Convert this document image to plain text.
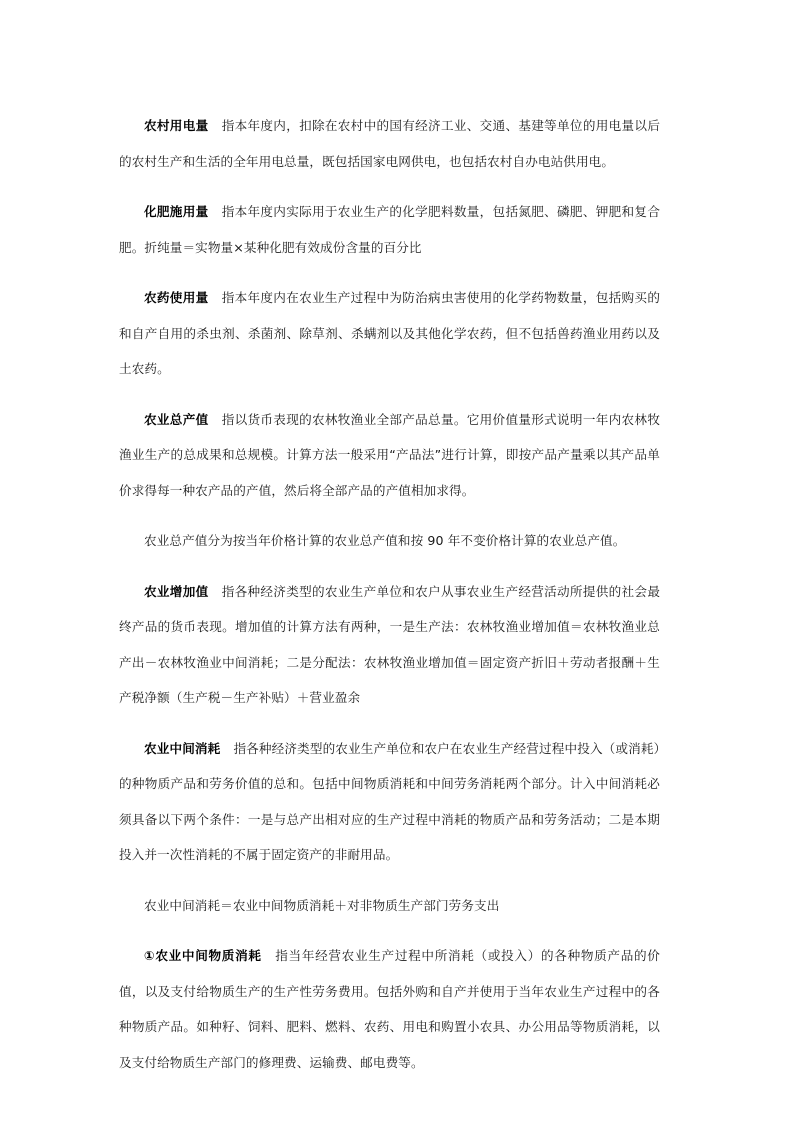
农村用电量 指本年度内，扣除在农村中的国有经济工业、交通、基建等单位的用电量以后的农村生产和生活的全年用电总量，既包括国家电网供电，也包括农村自办电站供用电。

化肥施用量 指本年度内实际用于农业生产的化学肥料数量，包括氮肥、磷肥、钾肥和复合肥。折纯量＝实物量×某种化肥有效成份含量的百分比

农药使用量 指本年度内在农业生产过程中为防治病虫害使用的化学药物数量，包括购买的和自产自用的杀虫剂、杀菌剂、除草剂、杀螨剂以及其他化学农药，但不包括兽药渔业用药以及土农药。

农业总产值 指以货币表现的农林牧渔业全部产品总量。它用价值量形式说明一年内农林牧渔业生产的总成果和总规模。计算方法一般采用“产品法”进行计算，即按产品产量乘以其产品单价求得每一种农产品的产值，然后将全部产品的产值相加求得。

农业总产值分为按当年价格计算的农业总产值和按 90 年不变价格计算的农业总产值。

农业增加值 指各种经济类型的农业生产单位和农户从事农业生产经营活动所提供的社会最终产品的货币表现。增加值的计算方法有两种，一是生产法：农林牧渔业增加值＝农林牧渔业总产出－农林牧渔业中间消耗；二是分配法：农林牧渔业增加值＝固定资产折旧＋劳动者报酬＋生产税净额（生产税－生产补贴）＋营业盈余

农业中间消耗 指各种经济类型的农业生产单位和农户在农业生产经营过程中投入（或消耗）的种物质产品和劳务价值的总和。包括中间物质消耗和中间劳务消耗两个部分。计入中间消耗必须具备以下两个条件：一是与总产出相对应的生产过程中消耗的物质产品和劳务活动；二是本期投入并一次性消耗的不属于固定资产的非耐用品。

农业中间消耗＝农业中间物质消耗＋对非物质生产部门劳务支出

①农业中间物质消耗 指当年经营农业生产过程中所消耗（或投入）的各种物质产品的价值，以及支付给物质生产的生产性劳务费用。包括外购和自产并使用于当年农业生产过程中的各种物质产品。如种籽、饲料、肥料、燃料、农药、用电和购置小农具、办公用品等物质消耗，以及支付给物质生产部门的修理费、运输费、邮电费等。
